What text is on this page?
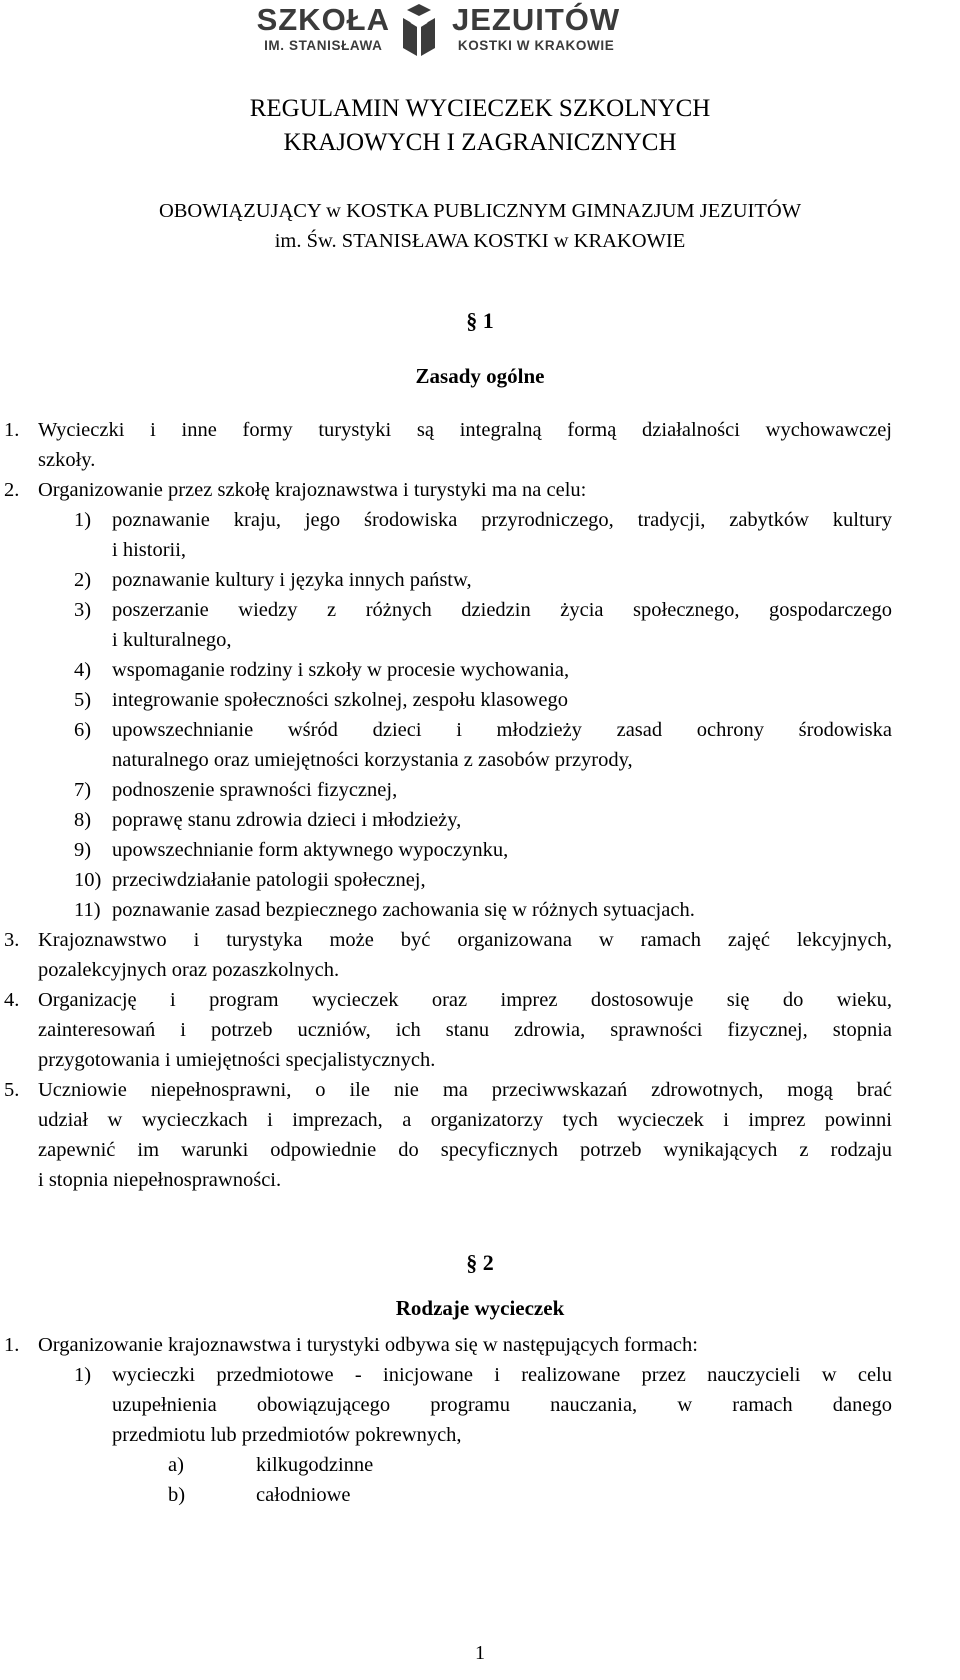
SZKOŁA
IM. STANISŁAWA
JEZUITÓW
KOSTKI W KRAKOWIE
REGULAMIN WYCIECZEK SZKOLNYCH
KRAJOWYCH I ZAGRANICZNYCH
OBOWIĄZUJĄCY w KOSTKA PUBLICZNYM GIMNAZJUM JEZUITÓW
im. Św. STANISŁAWA KOSTKI w KRAKOWIE
§ 1
Zasady ogólne
1. Wycieczki i inne formy turystyki są integralną formą działalności wychowawczej
szkoły.
2. Organizowanie przez szkołę krajoznawstwa i turystyki ma na celu:
1) poznawanie kraju, jego środowiska przyrodniczego, tradycji, zabytków kultury
i historii,
2) poznawanie kultury i języka innych państw,
3) poszerzanie wiedzy z różnych dziedzin życia społecznego, gospodarczego
i kulturalnego,
4) wspomaganie rodziny i szkoły w procesie wychowania,
5) integrowanie społeczności szkolnej, zespołu klasowego
6) upowszechnianie wśród dzieci i młodzieży zasad ochrony środowiska
naturalnego oraz umiejętności korzystania z zasobów przyrody,
7) podnoszenie sprawności fizycznej,
8) poprawę stanu zdrowia dzieci i młodzieży,
9) upowszechnianie form aktywnego wypoczynku,
10) przeciwdziałanie patologii społecznej,
11) poznawanie zasad bezpiecznego zachowania się w różnych sytuacjach.
3. Krajoznawstwo i turystyka może być organizowana w ramach zajęć lekcyjnych,
pozalekcyjnych oraz pozaszkolnych.
4. Organizację i program wycieczek oraz imprez dostosowuje się do wieku,
zainteresowań i potrzeb uczniów, ich stanu zdrowia, sprawności fizycznej, stopnia
przygotowania i umiejętności specjalistycznych.
5. Uczniowie niepełnosprawni, o ile nie ma przeciwwskazań zdrowotnych, mogą brać
udział w wycieczkach i imprezach, a organizatorzy tych wycieczek i imprez powinni
zapewnić im warunki odpowiednie do specyficznych potrzeb wynikających z rodzaju
i stopnia niepełnosprawności.
§ 2
Rodzaje wycieczek
1. Organizowanie krajoznawstwa i turystyki odbywa się w następujących formach:
1) wycieczki przedmiotowe - inicjowane i realizowane przez nauczycieli w celu
uzupełnienia obowiązującego programu nauczania, w ramach danego
przedmiotu lub przedmiotów pokrewnych,
a)	kilkugodzinne
b)	całodniowe
1
